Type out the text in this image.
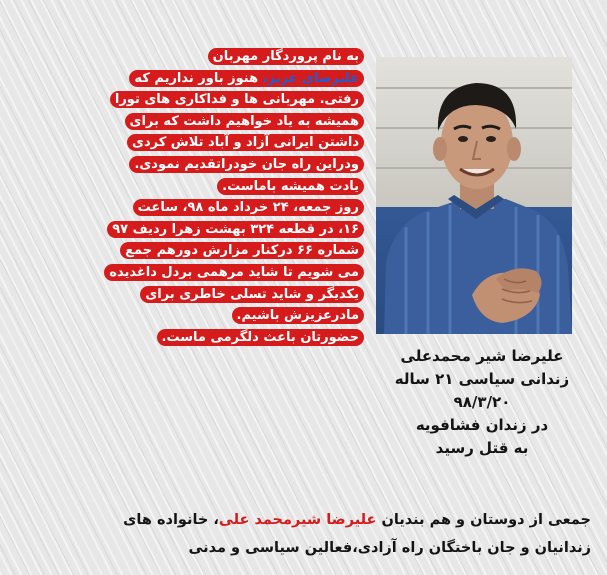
به نام پروردگار مهربان
علیرضای عزیز، هنوز باور نداریم که
رفتی. مهربانی ها و فداکاری های تورا
همیشه به یاد خواهیم داشت که برای
داشتن ایرانی آزاد و آباد تلاش کردی
ودراین راه جان خودراتقدیم نمودی.
یادت همیشه باماست.
روز جمعه، ۲۴ خرداد ماه ۹۸، ساعت
۱۶، در قطعه ۳۲۴ بهشت زهرا ردیف ۹۷
شماره ۶۶ درکنار مزارش دورهم جمع
می شویم تا شاید مرهمی بردل داغدیده
یکدیگر و شاید تسلی خاطری برای
مادرعزیزش باشیم.
حضورتان باعث دلگرمی ماست.
علیرضا شیر محمدعلی
زندانی سیاسی ۲۱ ساله
۹۸/۳/۲۰
در زندان فشافویه
به قتل رسید
جمعی از دوستان و هم بندیان علیرضا شیرمحمد علی، خانواده های
زندانیان و جان باختگان راه آزادی،فعالین سیاسی و مدنی
